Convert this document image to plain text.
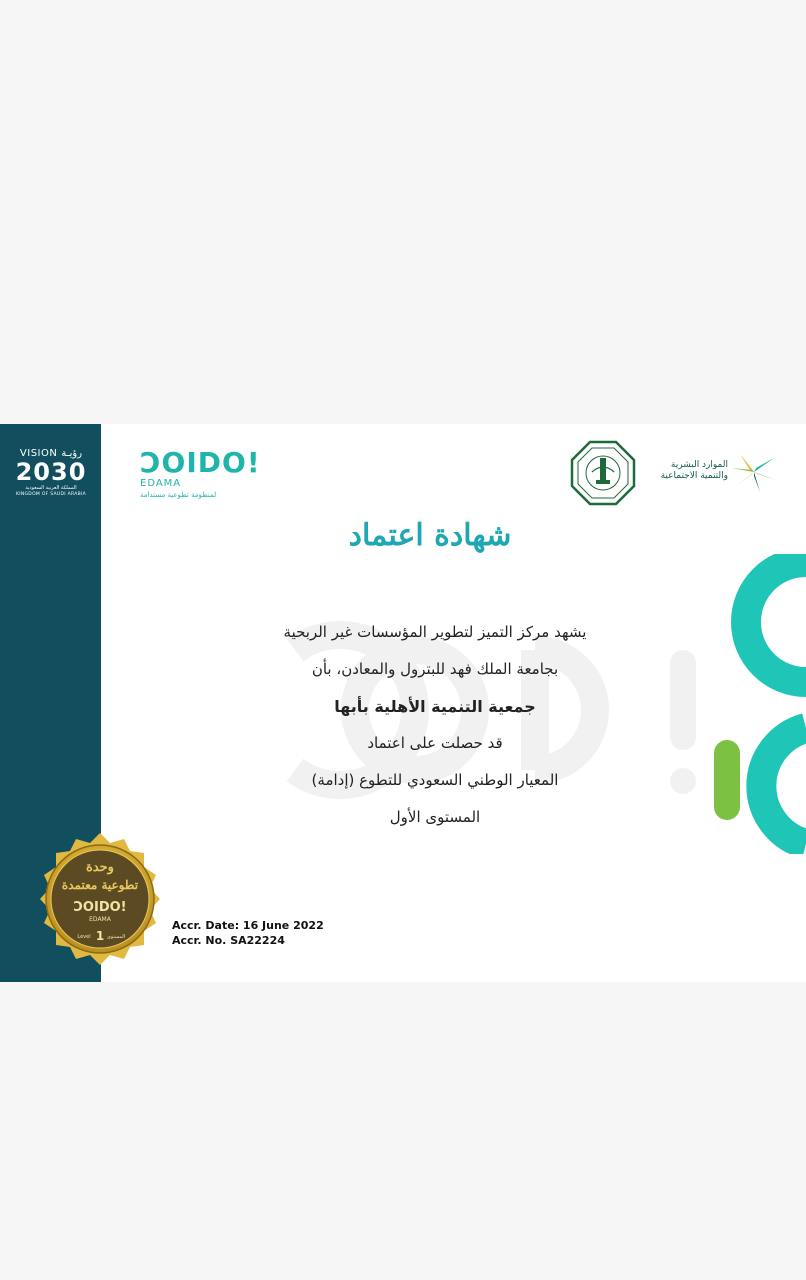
VISION رؤيـة
2030
المملكة العربية السعودية
KINGDOM OF SAUDI ARABIA
ƆOIDO!
EDAMA
لمنظومة تطوعية مستدامة
الموارد البشرية
والتنمية الاجتماعية
شهادة اعتماد
يشهد مركز التميز لتطوير المؤسسات غير الربحية
بجامعة الملك فهد للبترول والمعادن، بأن
جمعية التنمية الأهلية بأبها
قد حصلت على اعتماد
المعيار الوطني السعودي للتطوع (إدامة)
المستوى الأول
وحدة
تطوعية معتمدة
ƆOIDO!
EDAMA
Level 1 المستوى
Accr. Date: 16 June 2022
Accr. No. SA22224
